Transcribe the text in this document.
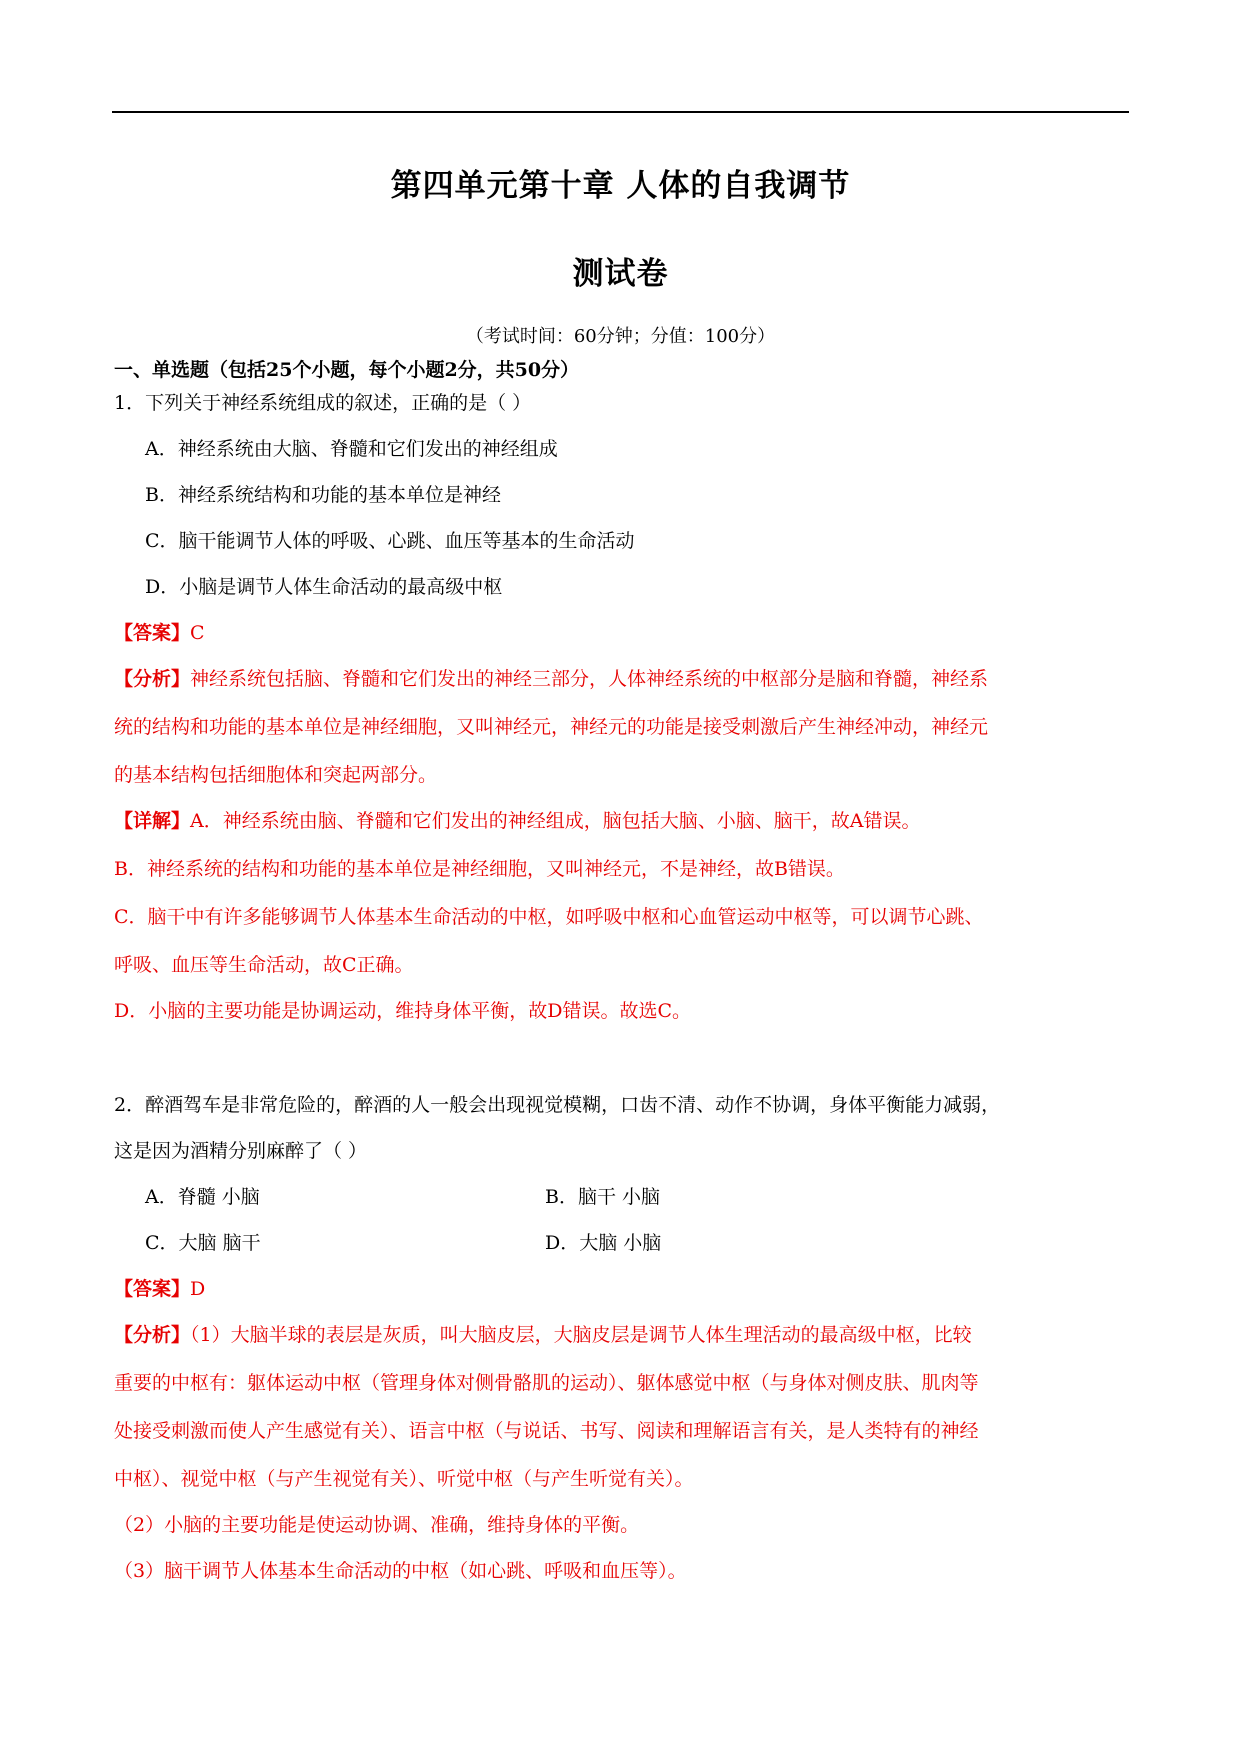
第四单元第十章 人体的自我调节
测试卷
（考试时间：60分钟；分值：100分）
一、单选题（包括25个小题，每个小题2分，共50分）
1．下列关于神经系统组成的叙述，正确的是（ ）
A．神经系统由大脑、脊髓和它们发出的神经组成
B．神经系统结构和功能的基本单位是神经
C．脑干能调节人体的呼吸、心跳、血压等基本的生命活动
D．小脑是调节人体生命活动的最高级中枢
【答案】C
【分析】神经系统包括脑、脊髓和它们发出的神经三部分，人体神经系统的中枢部分是脑和脊髓，神经系
统的结构和功能的基本单位是神经细胞，又叫神经元，神经元的功能是接受刺激后产生神经冲动，神经元
的基本结构包括细胞体和突起两部分。
【详解】A．神经系统由脑、脊髓和它们发出的神经组成，脑包括大脑、小脑、脑干，故A错误。
B．神经系统的结构和功能的基本单位是神经细胞，又叫神经元，不是神经，故B错误。
C．脑干中有许多能够调节人体基本生命活动的中枢，如呼吸中枢和心血管运动中枢等，可以调节心跳、
呼吸、血压等生命活动，故C正确。
D．小脑的主要功能是协调运动，维持身体平衡，故D错误。故选C。
2．醉酒驾车是非常危险的，醉酒的人一般会出现视觉模糊，口齿不清、动作不协调，身体平衡能力减弱，
这是因为酒精分别麻醉了（ ）
A．脊髓 小脑	B．脑干 小脑
C．大脑 脑干	D．大脑 小脑
【答案】D
【分析】（1）大脑半球的表层是灰质，叫大脑皮层，大脑皮层是调节人体生理活动的最高级中枢，比较
重要的中枢有：躯体运动中枢（管理身体对侧骨骼肌的运动）、躯体感觉中枢（与身体对侧皮肤、肌肉等
处接受刺激而使人产生感觉有关）、语言中枢（与说话、书写、阅读和理解语言有关，是人类特有的神经
中枢）、视觉中枢（与产生视觉有关）、听觉中枢（与产生听觉有关）。
（2）小脑的主要功能是使运动协调、准确，维持身体的平衡。
（3）脑干调节人体基本生命活动的中枢（如心跳、呼吸和血压等）。
